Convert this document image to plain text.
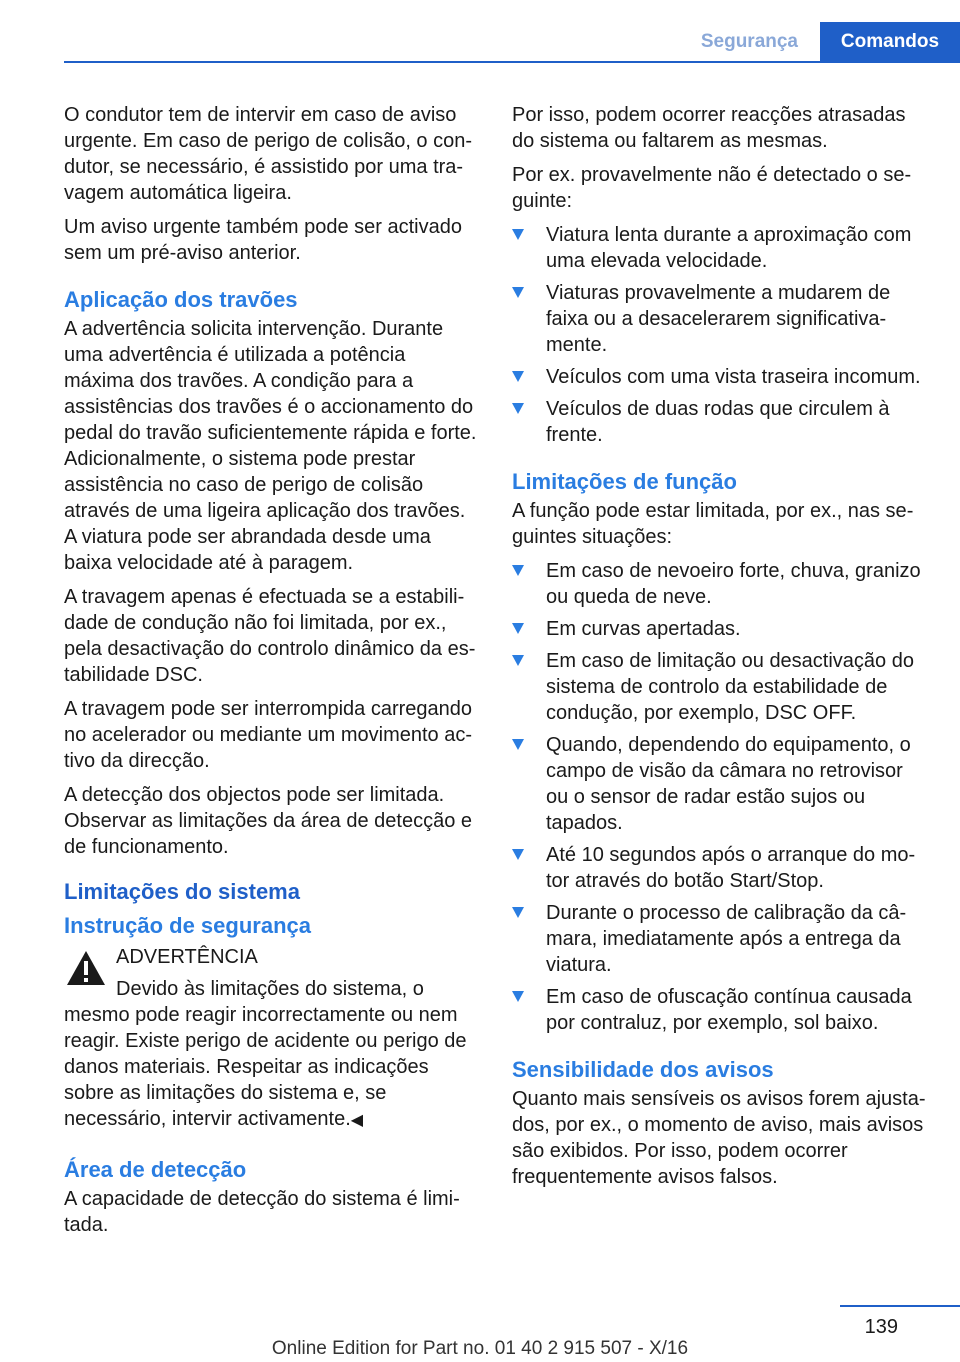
Segurança	Comandos

O condutor tem de intervir em caso de aviso urgente. Em caso de perigo de colisão, o condutor, se necessário, é assistido por uma travagem automática ligeira.

Um aviso urgente também pode ser activado sem um pré-aviso anterior.

Aplicação dos travões

A advertência solicita intervenção. Durante uma advertência é utilizada a potência máxima dos travões. A condição para a assistências dos travões é o accionamento do pedal do travão suficientemente rápida e forte. Adicionalmente, o sistema pode prestar assistência no caso de perigo de colisão através de uma ligeira aplicação dos travões. A viatura pode ser abrandada desde uma baixa velocidade até à paragem.

A travagem apenas é efectuada se a estabilidade de condução não foi limitada, por ex., pela desactivação do controlo dinâmico da estabilidade DSC.

A travagem pode ser interrompida carregando no acelerador ou mediante um movimento activo da direcção.

A detecção dos objectos pode ser limitada. Observar as limitações da área de detecção e de funcionamento.

Limitações do sistema
Instrução de segurança

ADVERTÊNCIA

Devido às limitações do sistema, o

mesmo pode reagir incorrectamente ou nem reagir. Existe perigo de acidente ou perigo de danos materiais. Respeitar as indicações sobre as limitações do sistema e, se necessário, intervir activamente.◀

Área de detecção

A capacidade de detecção do sistema é limitada.

Por isso, podem ocorrer reacções atrasadas do sistema ou faltarem as mesmas.

Por ex. provavelmente não é detectado o seguinte:

Viatura lenta durante a aproximação com uma elevada velocidade.
Viaturas provavelmente a mudarem de faixa ou a desacelerarem significativamente.
Veículos com uma vista traseira incomum.
Veículos de duas rodas que circulem à frente.
Limitações de função

A função pode estar limitada, por ex., nas seguintes situações:

Em caso de nevoeiro forte, chuva, granizo ou queda de neve.
Em curvas apertadas.
Em caso de limitação ou desactivação do sistema de controlo da estabilidade de condução, por exemplo, DSC OFF.
Quando, dependendo do equipamento, o campo de visão da câmara no retrovisor ou o sensor de radar estão sujos ou tapados.
Até 10 segundos após o arranque do motor através do botão Start/Stop.
Durante o processo de calibração da câmara, imediatamente após a entrega da viatura.
Em caso de ofuscação contínua causada por contraluz, por exemplo, sol baixo.
Sensibilidade dos avisos

Quanto mais sensíveis os avisos forem ajustados, por ex., o momento de aviso, mais avisos são exibidos. Por isso, podem ocorrer frequentemente avisos falsos.

139
Online Edition for Part no. 01 40 2 915 507 - X/16
